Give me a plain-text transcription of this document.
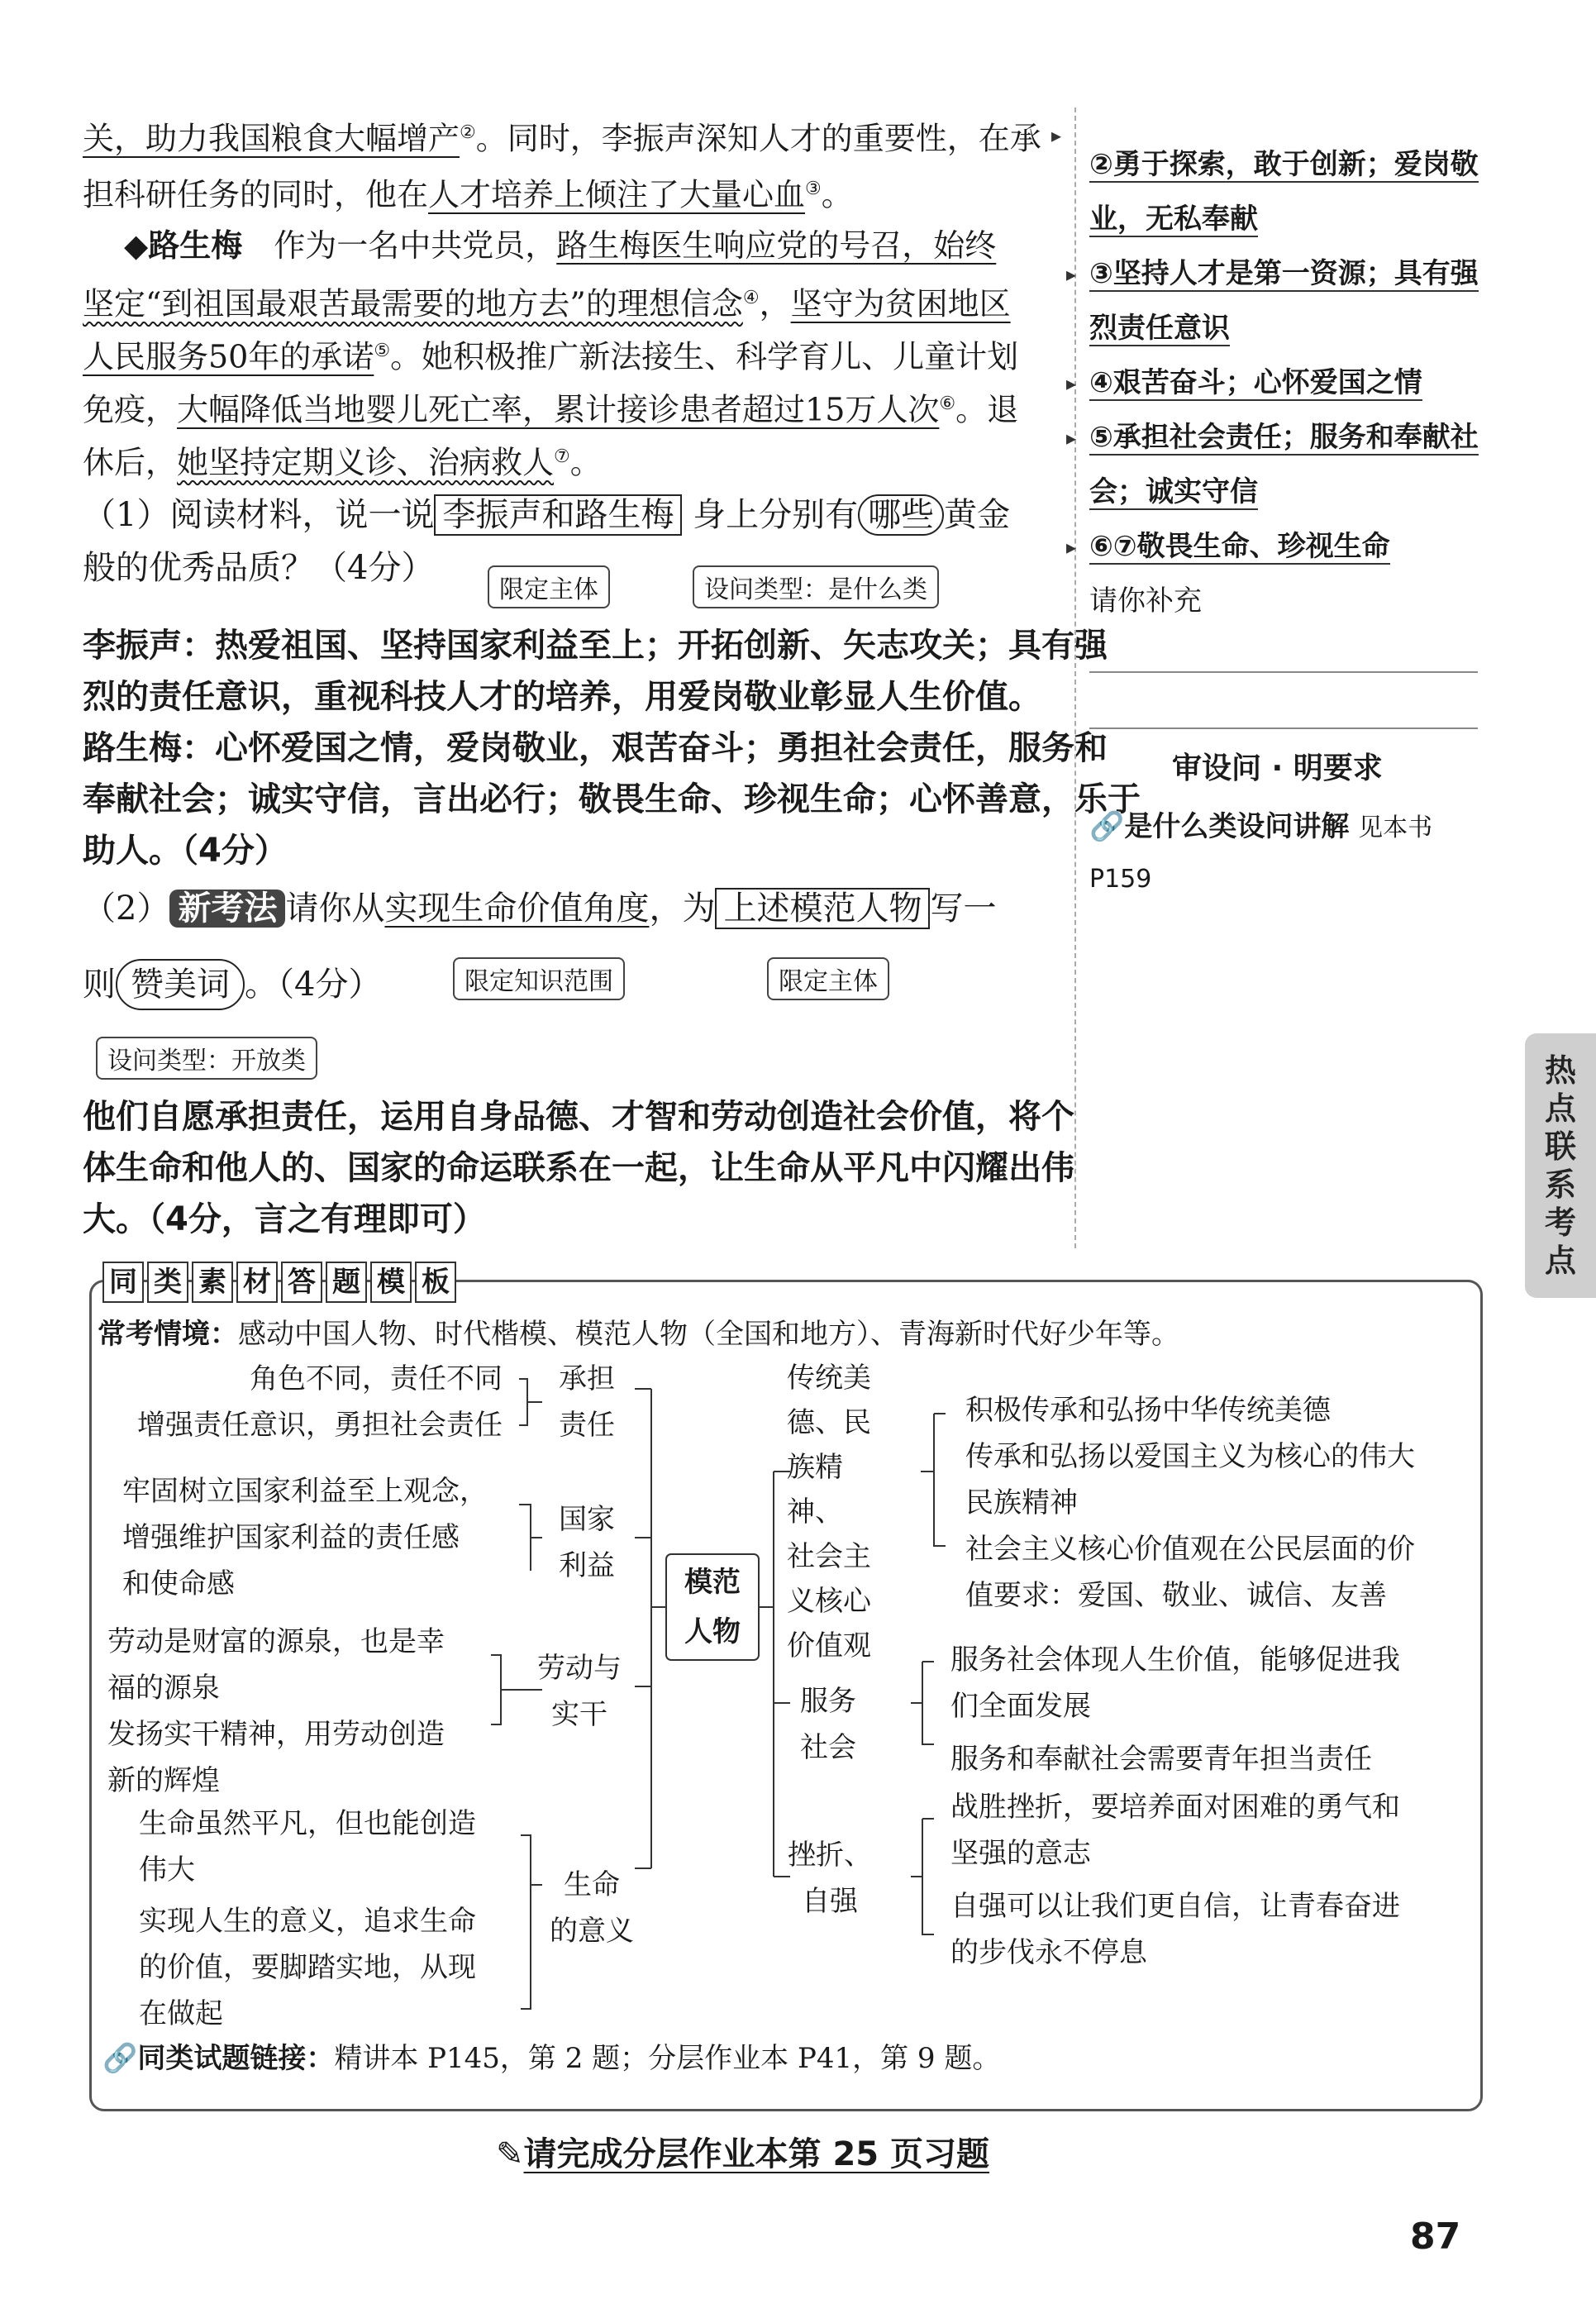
关，助力我国粮食大幅增产②。同时，李振声深知人才的重要性，在承
担科研任务的同时，他在人才培养上倾注了大量心血③。
◆路生梅　作为一名中共党员，路生梅医生响应党的号召，始终
坚定“到祖国最艰苦最需要的地方去”的理想信念④，坚守为贫困地区
人民服务50年的承诺⑤。她积极推广新法接生、科学育儿、儿童计划
免疫，大幅降低当地婴儿死亡率，累计接诊患者超过15万人次⑥。退
休后，她坚持定期义诊、治病救人⑦。
（1）阅读材料，说一说 李振声和路生梅 身上分别有 哪些 黄金
般的优秀品质？（4分）
限定主体	设问类型：是什么类
李振声：热爱祖国、坚持国家利益至上；开拓创新、矢志攻关；具有强
烈的责任意识，重视科技人才的培养，用爱岗敬业彰显人生价值。
路生梅：心怀爱国之情，爱岗敬业，艰苦奋斗；勇担社会责任，服务和
奉献社会；诚实守信，言出必行；敬畏生命、珍视生命；心怀善意，乐于
助人。（4分）
（2） 新考法 请你从实现生命价值角度，为 上述模范人物 写一
则 赞美词 。（4分）	限定知识范围	限定主体
设问类型：开放类
他们自愿承担责任，运用自身品德、才智和劳动创造社会价值，将个
体生命和他人的、国家的命运联系在一起，让生命从平凡中闪耀出伟
大。（4分，言之有理即可）
▸
②勇于探索，敢于创新；爱岗敬
业，无私奉献
▸ ③坚持人才是第一资源；具有强
烈责任意识
▸ ④艰苦奋斗；心怀爱国之情
▸ ⑤承担社会责任；服务和奉献社
会；诚实守信
▸ ⑥⑦敬畏生命、珍视生命
请你补充
审设问 · 明要求
🔗是什么类设问讲解 见本书
P159
热
点
联
系
考
点
同 类 素 材 答 题 模 板
常考情境：感动中国人物、时代楷模、模范人物（全国和地方）、青海新时代好少年等。
模范
人物
角色不同，责任不同
增强责任意识，勇担社会责任
承担
责任
牢固树立国家利益至上观念，
增强维护国家利益的责任感
和使命感
国家
利益
劳动是财富的源泉，也是幸
福的源泉
发扬实干精神，用劳动创造
新的辉煌
劳动与
实干
生命虽然平凡，但也能创造
伟大
实现人生的意义，追求生命
的价值，要脚踏实地，从现
在做起
生命
的意义
传统美
德、民
族精神、
社会主
义核心
价值观
积极传承和弘扬中华传统美德
传承和弘扬以爱国主义为核心的伟大
民族精神
社会主义核心价值观在公民层面的价
值要求：爱国、敬业、诚信、友善
服务
社会
服务社会体现人生价值，能够促进我
们全面发展
服务和奉献社会需要青年担当责任
挫折、
自强
战胜挫折，要培养面对困难的勇气和
坚强的意志
自强可以让我们更自信，让青春奋进
的步伐永不停息
🔗同类试题链接：精讲本 P145，第 2 题；分层作业本 P41，第 9 题。
✎请完成分层作业本第 25 页习题
87
